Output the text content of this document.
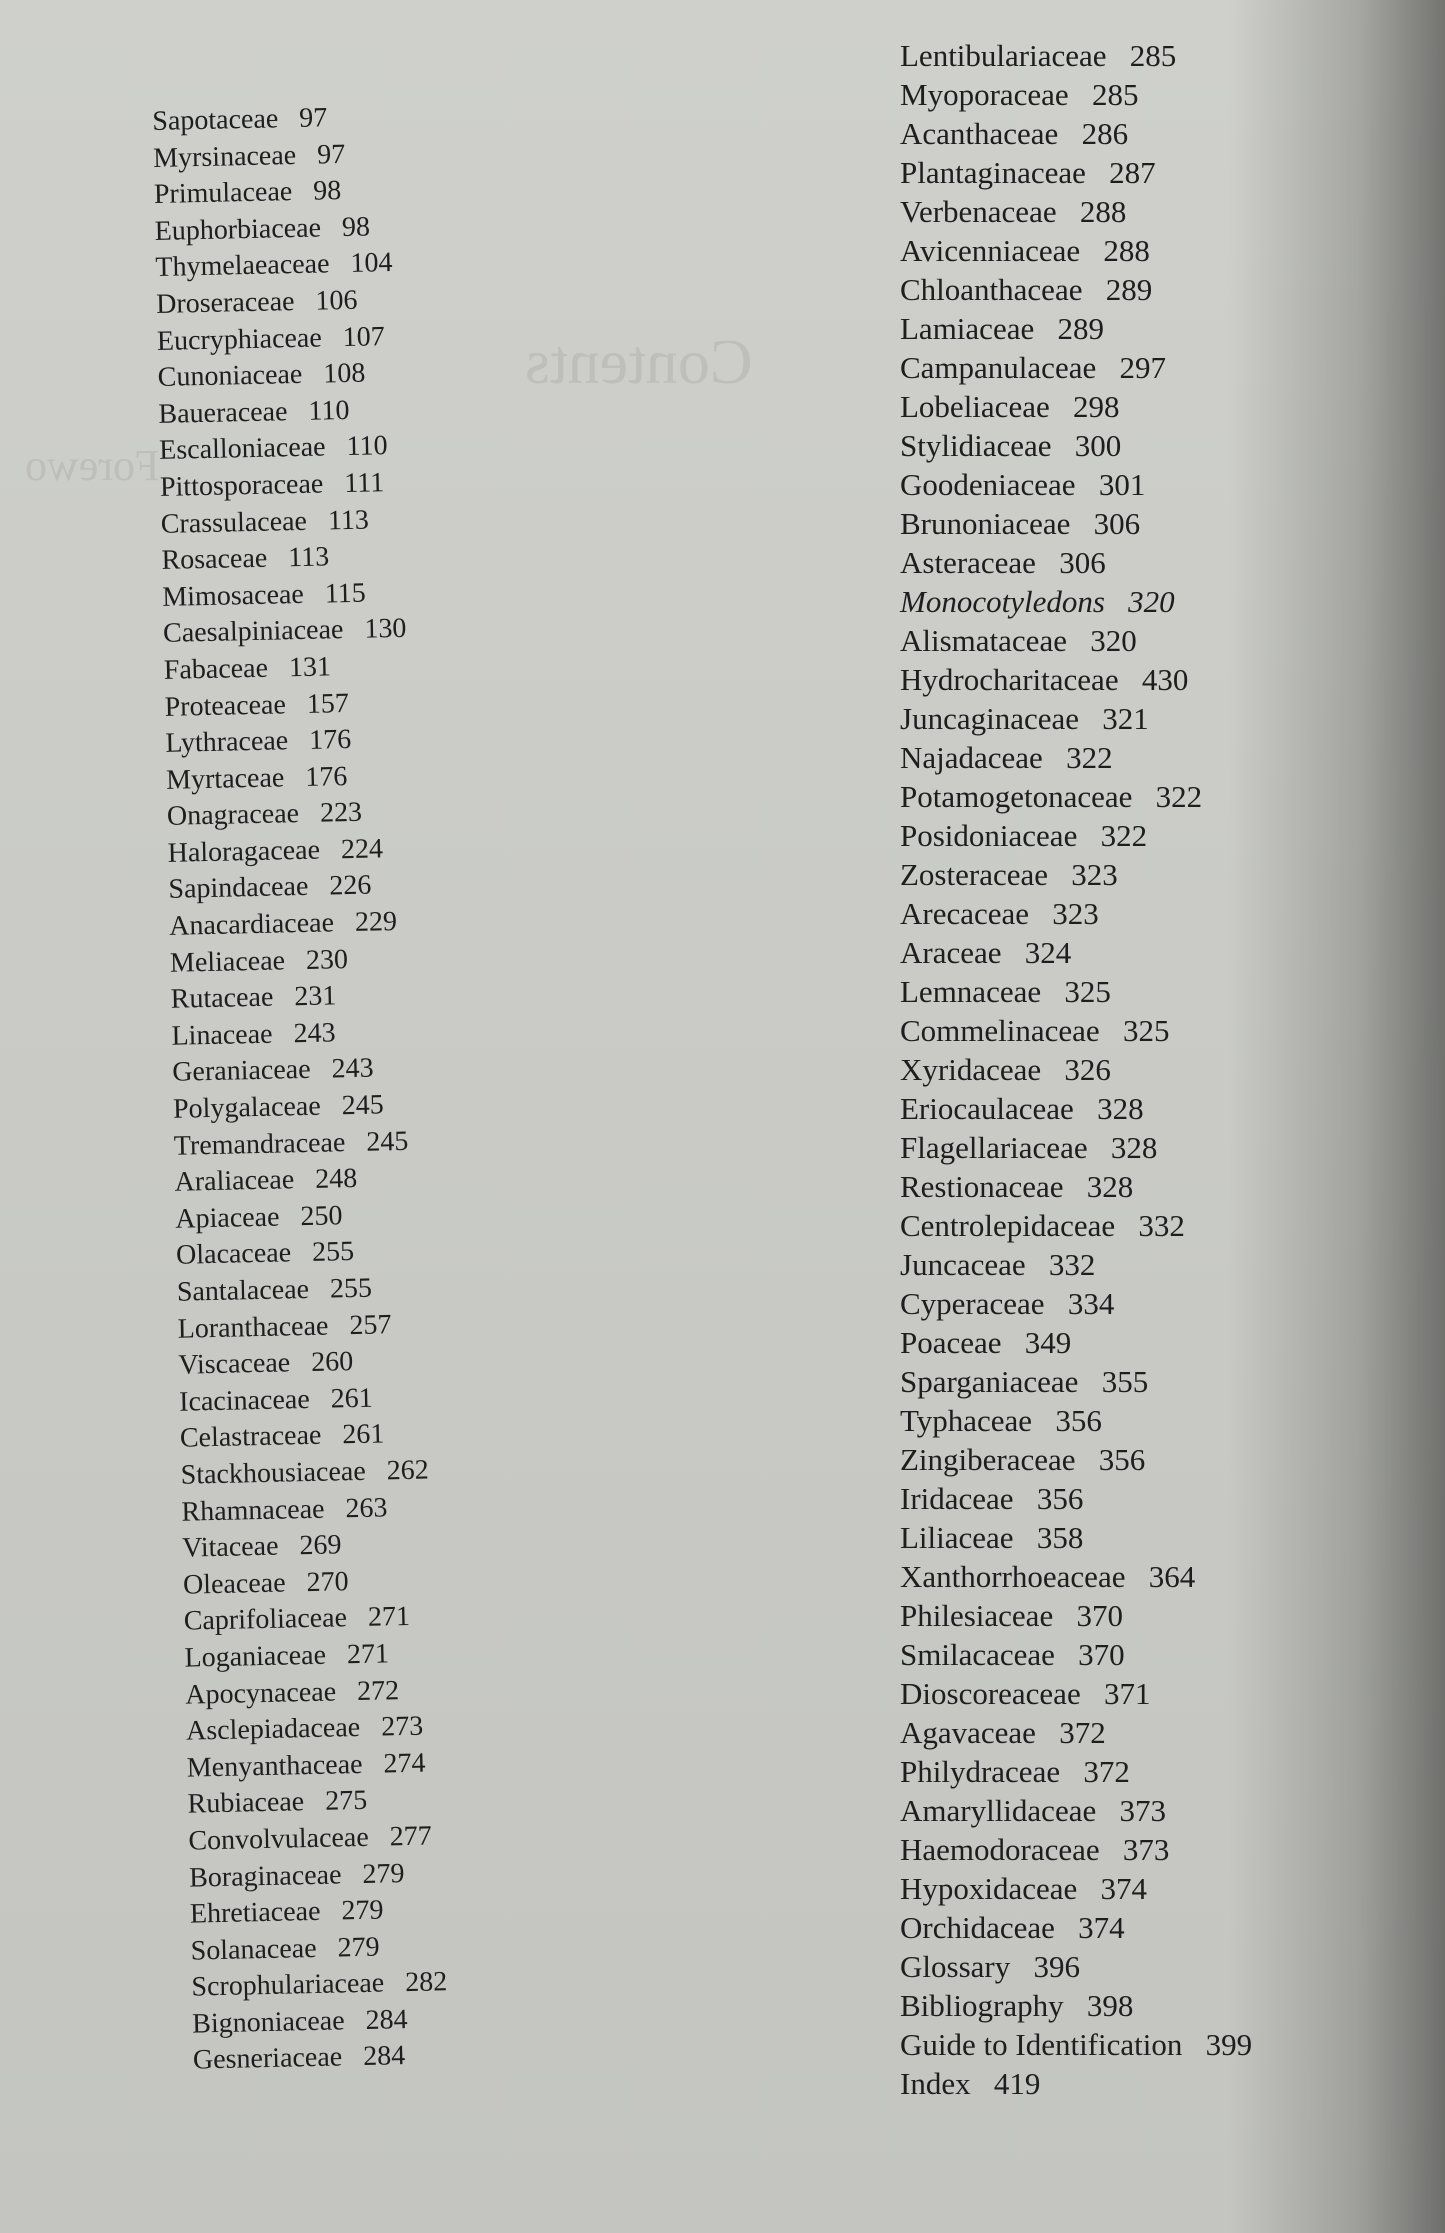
Contents
Forewo
Sapotaceae 97
Myrsinaceae 97
Primulaceae 98
Euphorbiaceae 98
Thymelaeaceae 104
Droseraceae 106
Eucryphiaceae 107
Cunoniaceae 108
Baueraceae 110
Escalloniaceae 110
Pittosporaceae 111
Crassulaceae 113
Rosaceae 113
Mimosaceae 115
Caesalpiniaceae 130
Fabaceae 131
Proteaceae 157
Lythraceae 176
Myrtaceae 176
Onagraceae 223
Haloragaceae 224
Sapindaceae 226
Anacardiaceae 229
Meliaceae 230
Rutaceae 231
Linaceae 243
Geraniaceae 243
Polygalaceae 245
Tremandraceae 245
Araliaceae 248
Apiaceae 250
Olacaceae 255
Santalaceae 255
Loranthaceae 257
Viscaceae 260
Icacinaceae 261
Celastraceae 261
Stackhousiaceae 262
Rhamnaceae 263
Vitaceae 269
Oleaceae 270
Caprifoliaceae 271
Loganiaceae 271
Apocynaceae 272
Asclepiadaceae 273
Menyanthaceae 274
Rubiaceae 275
Convolvulaceae 277
Boraginaceae 279
Ehretiaceae 279
Solanaceae 279
Scrophulariaceae 282
Bignoniaceae 284
Gesneriaceae 284
Lentibulariaceae 285
Myoporaceae 285
Acanthaceae 286
Plantaginaceae 287
Verbenaceae 288
Avicenniaceae 288
Chloanthaceae 289
Lamiaceae 289
Campanulaceae 297
Lobeliaceae 298
Stylidiaceae 300
Goodeniaceae 301
Brunoniaceae 306
Asteraceae 306
Monocotyledons 320
Alismataceae 320
Hydrocharitaceae 430
Juncaginaceae 321
Najadaceae 322
Potamogetonaceae 322
Posidoniaceae 322
Zosteraceae 323
Arecaceae 323
Araceae 324
Lemnaceae 325
Commelinaceae 325
Xyridaceae 326
Eriocaulaceae 328
Flagellariaceae 328
Restionaceae 328
Centrolepidaceae 332
Juncaceae 332
Cyperaceae 334
Poaceae 349
Sparganiaceae 355
Typhaceae 356
Zingiberaceae 356
Iridaceae 356
Liliaceae 358
Xanthorrhoeaceae 364
Philesiaceae 370
Smilacaceae 370
Dioscoreaceae 371
Agavaceae 372
Philydraceae 372
Amaryllidaceae 373
Haemodoraceae 373
Hypoxidaceae 374
Orchidaceae 374
Glossary 396
Bibliography 398
Guide to Identification 399
Index 419
